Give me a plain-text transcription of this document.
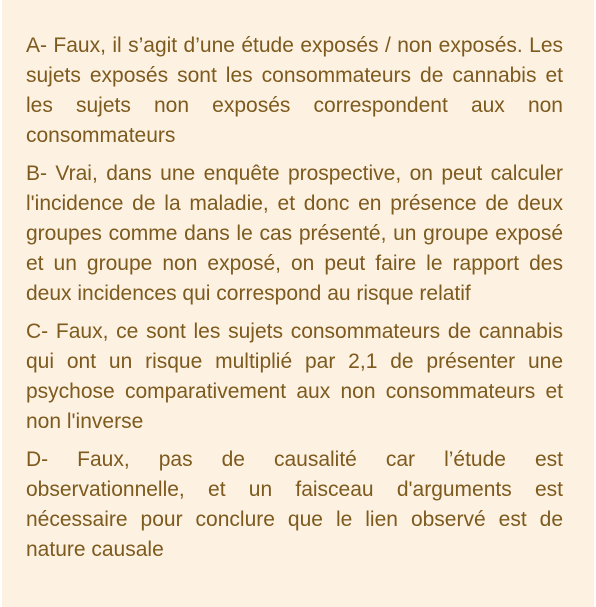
A- Faux, il s’agit d’une étude exposés / non exposés. Les sujets exposés sont les consommateurs de cannabis et les sujets non exposés correspondent aux non consommateurs

B- Vrai, dans une enquête prospective, on peut calculer l'incidence de la maladie, et donc en présence de deux groupes comme dans le cas présenté, un groupe exposé et un groupe non exposé, on peut faire le rapport des deux incidences qui correspond au risque relatif

C- Faux, ce sont les sujets consommateurs de cannabis qui ont un risque multiplié par 2,1 de présenter une psychose comparativement aux non consommateurs et non l'inverse

D- Faux, pas de causalité car l’étude est observationnelle, et un faisceau d'arguments est nécessaire pour conclure que le lien observé est de nature causale
